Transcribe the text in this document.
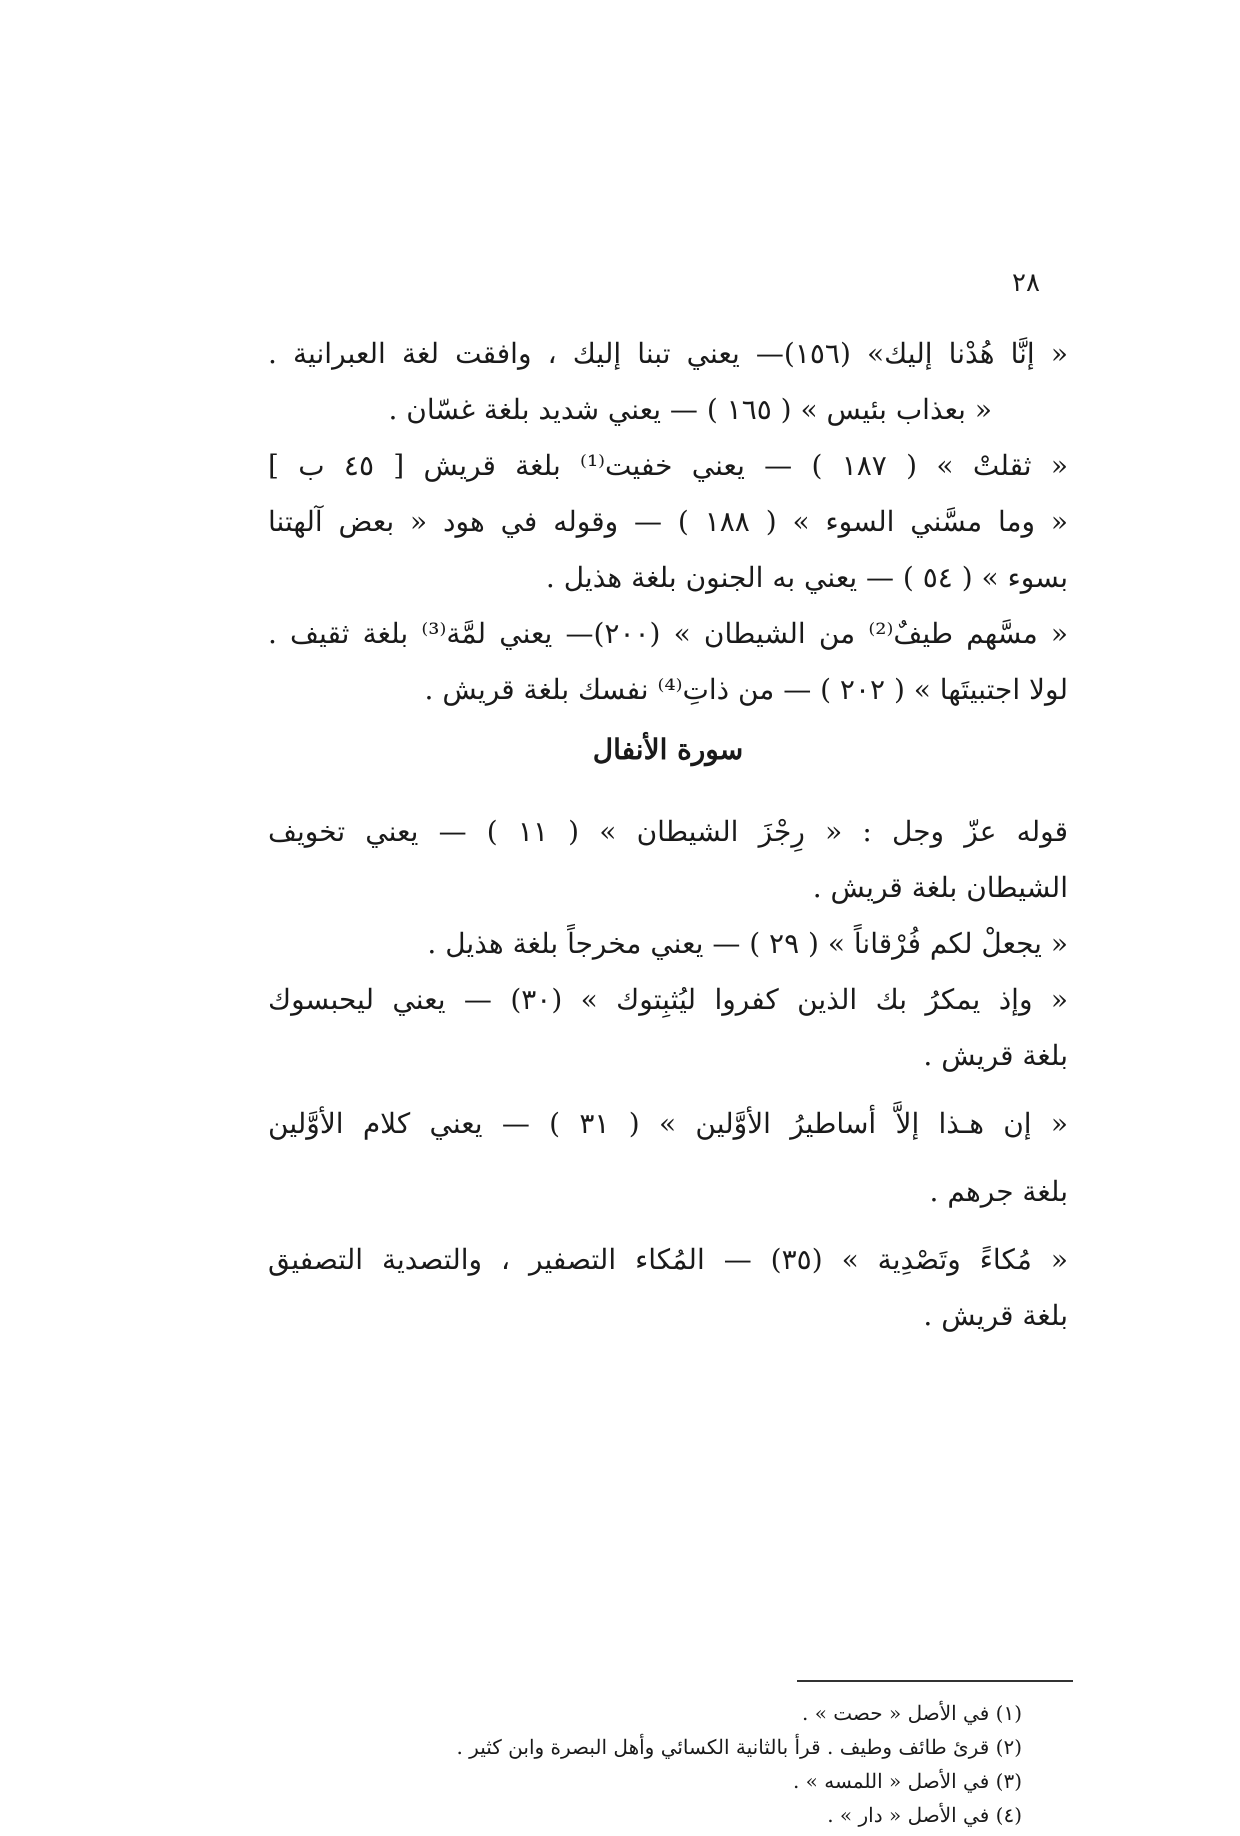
٢٨
« إنَّا هُدْنا إليك» (١٥٦)— يعني تبنا إليك ، وافقت لغة العبرانية .
« بعذاب بئيس » ( ١٦٥ ) — يعني شديد بلغة غسّان .
« ثقلتْ » ( ١٨٧ ) — يعني خفيت⁽¹⁾ بلغة قريش [ ٤٥ ب ]
« وما مسَّني السوء » ( ١٨٨ ) — وقوله في هود « بعض آلهتنا
بسوء » ( ٥٤ ) — يعني به الجنون بلغة هذيل .
« مسَّهم طيفٌ⁽²⁾ من الشيطان » (٢٠٠)— يعني لمَّة⁽³⁾ بلغة ثقيف .
لولا اجتبيتَها » ( ٢٠٢ ) — من ذاتِ⁽⁴⁾ نفسك بلغة قريش .
سورة الأنفال
قوله عزّ وجل : « رِجْزَ الشيطان » ( ١١ ) — يعني تخويف
الشيطان بلغة قريش .
« يجعلْ لكم فُرْقاناً » ( ٢٩ ) — يعني مخرجاً بلغة هذيل .
« وإذ يمكرُ بك الذين كفروا ليُثبِتوك » (٣٠) — يعني ليحبسوك
بلغة قريش .
« إن هـذا إلاَّ أساطيرُ الأوَّلين » ( ٣١ ) — يعني كلام الأوَّلين
بلغة جرهم .
« مُكاءً وتَصْدِية » (٣٥) — المُكاء التصفير ، والتصدية التصفيق
بلغة قريش .
(١) في الأصل « حصت » .
(٢) قرئ طائف وطيف . قرأ بالثانية الكسائي وأهل البصرة وابن كثير .
(٣) في الأصل « اللمسه » .
(٤) في الأصل « دار » .
